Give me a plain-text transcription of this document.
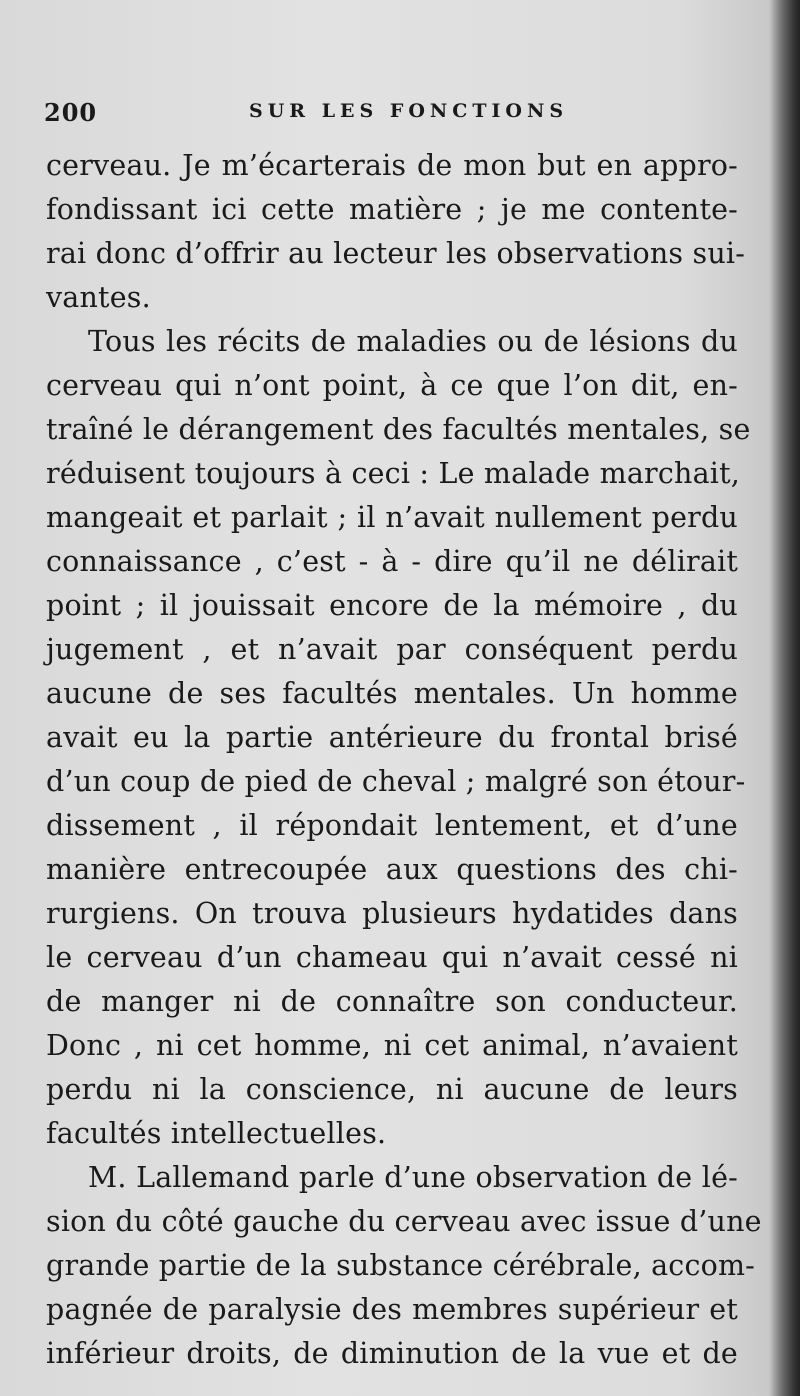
200	SUR LES FONCTIONS
cerveau. Je m’écarterais de mon but en appro-
fondissant ici cette matière ; je me contente-
rai donc d’offrir au lecteur les observations sui-
vantes.
Tous les récits de maladies ou de lésions du
cerveau qui n’ont point, à ce que l’on dit, en-
traîné le dérangement des facultés mentales, se
réduisent toujours à ceci : Le malade marchait,
mangeait et parlait ; il n’avait nullement perdu
connaissance , c’est - à - dire qu’il ne délirait
point ; il jouissait encore de la mémoire , du
jugement , et n’avait par conséquent perdu
aucune de ses facultés mentales. Un homme
avait eu la partie antérieure du frontal brisé
d’un coup de pied de cheval ; malgré son étour-
dissement , il répondait lentement, et d’une
manière entrecoupée aux questions des chi-
rurgiens. On trouva plusieurs hydatides dans
le cerveau d’un chameau qui n’avait cessé ni
de manger ni de connaître son conducteur.
Donc , ni cet homme, ni cet animal, n’avaient
perdu ni la conscience, ni aucune de leurs
facultés intellectuelles.
M. Lallemand parle d’une observation de lé-
sion du côté gauche du cerveau avec issue d’une
grande partie de la substance cérébrale, accom-
pagnée de paralysie des membres supérieur et
inférieur droits, de diminution de la vue et de
